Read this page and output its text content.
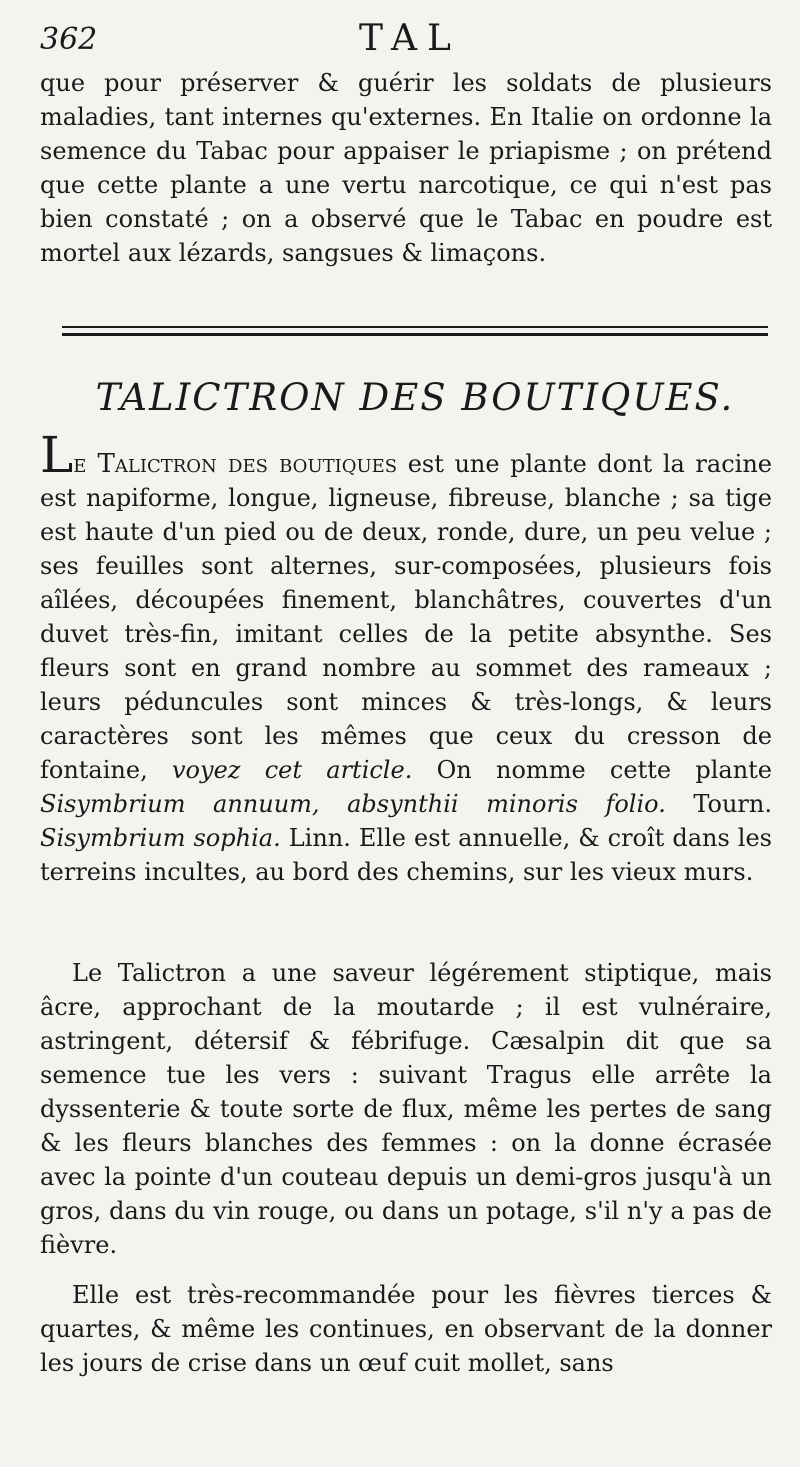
362	TAL

que pour préserver & guérir les soldats de plusieurs maladies, tant internes qu'externes. En Italie on ordonne la semence du Tabac pour appaiser le priapisme ; on prétend que cette plante a une vertu narcotique, ce qui n'est pas bien constaté ; on a observé que le Tabac en poudre est mortel aux lézards, sangsues & limaçons.

TALICTRON DES BOUTIQUES.

Le Talictron des boutiques est une plante dont la racine est napiforme, longue, ligneuse, fibreuse, blanche ; sa tige est haute d'un pied ou de deux, ronde, dure, un peu velue ; ses feuilles sont alternes, sur-composées, plusieurs fois aîlées, découpées finement, blanchâtres, couvertes d'un duvet très-fin, imitant celles de la petite absynthe. Ses fleurs sont en grand nombre au sommet des rameaux ; leurs péduncules sont minces & très-longs, & leurs caractères sont les mêmes que ceux du cresson de fontaine, voyez cet article. On nomme cette plante Sisymbrium annuum, absynthii minoris folio. Tourn. Sisymbrium sophia. Linn. Elle est annuelle, & croît dans les terreins incultes, au bord des chemins, sur les vieux murs.

Le Talictron a une saveur légérement stiptique, mais âcre, approchant de la moutarde ; il est vulnéraire, astringent, détersif & fébrifuge. Cæsalpin dit que sa semence tue les vers : suivant Tragus elle arrête la dyssenterie & toute sorte de flux, même les pertes de sang & les fleurs blanches des femmes : on la donne écrasée avec la pointe d'un couteau depuis un demi-gros jusqu'à un gros, dans du vin rouge, ou dans un potage, s'il n'y a pas de fièvre.

Elle est très-recommandée pour les fièvres tierces & quartes, & même les continues, en observant de la donner les jours de crise dans un œuf cuit mollet, sans
